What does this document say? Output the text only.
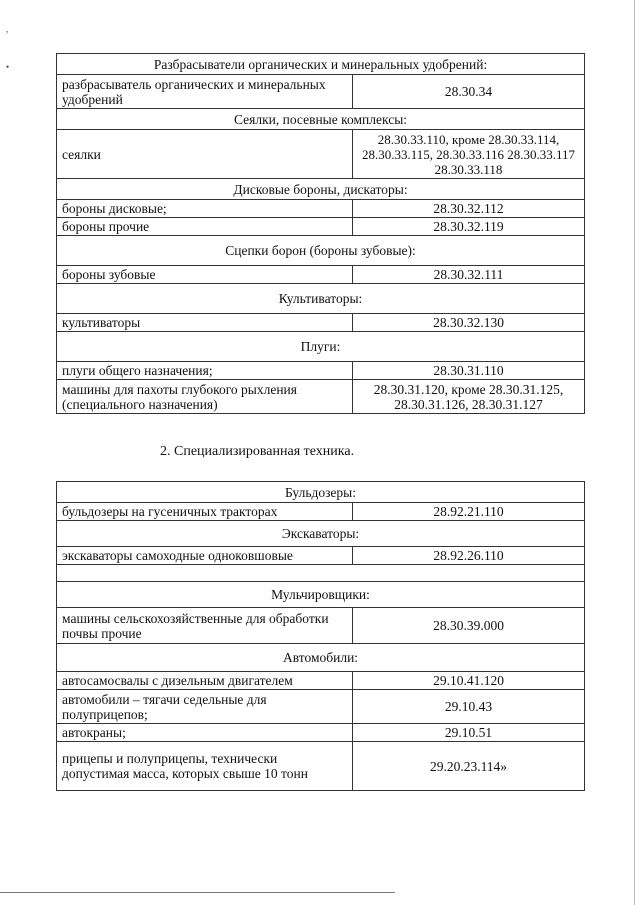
,
•	Разбрасыватели органических и минеральных удобрений:	
разбрасыватель органических и минеральных удобрений	28.30.34
Сеялки, посевные комплексы:	
сеялки	28.30.33.110, кроме 28.30.33.114, 28.30.33.115, 28.30.33.116 28.30.33.117 28.30.33.118
Дисковые бороны, дискаторы:	
бороны дисковые;	28.30.32.112
бороны прочие	28.30.32.119
Сцепки борон (бороны зубовые):	
бороны зубовые	28.30.32.111
Культиваторы:	
культиваторы	28.30.32.130
Плуги:	
плуги общего назначения;	28.30.31.110
машины для пахоты глубокого рыхления (специального назначения)	28.30.31.120, кроме 28.30.31.125, 28.30.31.126, 28.30.31.127
2. Специализированная техника.
Бульдозеры:	
бульдозеры на гусеничных тракторах	28.92.21.110
Экскаваторы:	
экскаваторы самоходные одноковшовые	28.92.26.110

Мульчировщики:	
машины сельскохозяйственные для обработки почвы прочие	28.30.39.000
Автомобили:	
автосамосвалы с дизельным двигателем	29.10.41.120
автомобили – тягачи седельные для полуприцепов;	29.10.43
автокраны;	29.10.51
прицепы и полуприцепы, технически допустимая масса, которых свыше 10 тонн	29.20.23.114»
